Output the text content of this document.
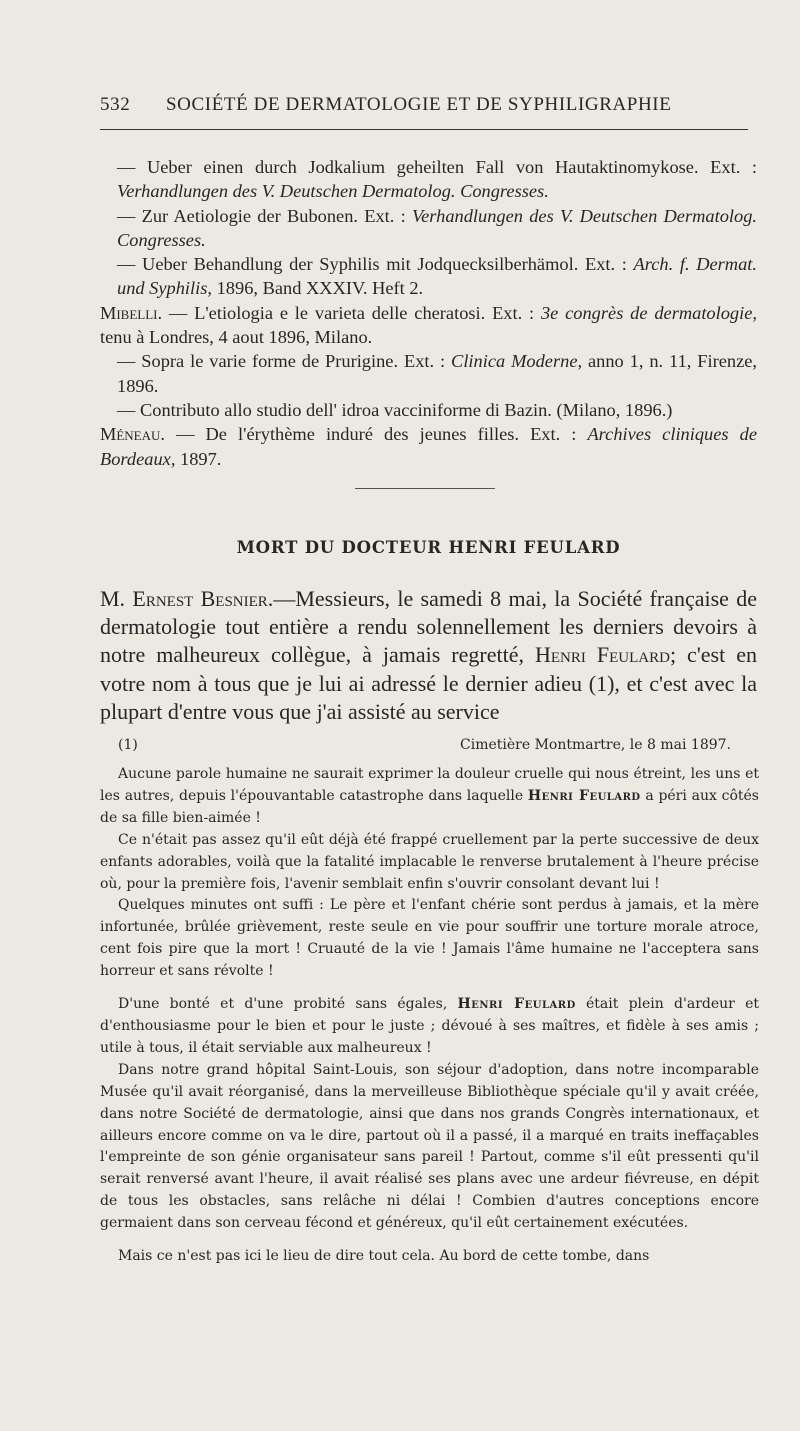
532 SOCIÉTÉ DE DERMATOLOGIE ET DE SYPHILIGRAPHIE

— Ueber einen durch Jodkalium geheilten Fall von Hautaktinomykose. Ext. : Verhandlungen des V. Deutschen Dermatolog. Congresses.

— Zur Aetiologie der Bubonen. Ext. : Verhandlungen des V. Deutschen Dermatolog. Congresses.

— Ueber Behandlung der Syphilis mit Jodquecksilberhämol. Ext. : Arch. f. Dermat. und Syphilis, 1896, Band XXXIV. Heft 2.

Mibelli. — L'etiologia e le varieta delle cheratosi. Ext. : 3e congrès de dermatologie, tenu à Londres, 4 aout 1896, Milano.

— Sopra le varie forme de Prurigine. Ext. : Clinica Moderne, anno 1, n. 11, Firenze, 1896.

— Contributo allo studio dell' idroa vacciniforme di Bazin. (Milano, 1896.)

Méneau. — De l'érythème induré des jeunes filles. Ext. : Archives cliniques de Bordeaux, 1897.

MORT DU DOCTEUR HENRI FEULARD

M. Ernest Besnier.—Messieurs, le samedi 8 mai, la Société française de dermatologie tout entière a rendu solennellement les derniers devoirs à notre malheureux collègue, à jamais regretté, Henri Feulard; c'est en votre nom à tous que je lui ai adressé le dernier adieu (1), et c'est avec la plupart d'entre vous que j'ai assisté au service

(1)	Cimetière Montmartre, le 8 mai 1897.

Aucune parole humaine ne saurait exprimer la douleur cruelle qui nous étreint, les uns et les autres, depuis l'épouvantable catastrophe dans laquelle Henri Feulard a péri aux côtés de sa fille bien-aimée !

Ce n'était pas assez qu'il eût déjà été frappé cruellement par la perte successive de deux enfants adorables, voilà que la fatalité implacable le renverse brutalement à l'heure précise où, pour la première fois, l'avenir semblait enfin s'ouvrir consolant devant lui !

Quelques minutes ont suffi : Le père et l'enfant chérie sont perdus à jamais, et la mère infortunée, brûlée grièvement, reste seule en vie pour souffrir une torture morale atroce, cent fois pire que la mort ! Cruauté de la vie ! Jamais l'âme humaine ne l'acceptera sans horreur et sans révolte !

D'une bonté et d'une probité sans égales, Henri Feulard était plein d'ardeur et d'enthousiasme pour le bien et pour le juste ; dévoué à ses maîtres, et fidèle à ses amis ; utile à tous, il était serviable aux malheureux !

Dans notre grand hôpital Saint-Louis, son séjour d'adoption, dans notre incomparable Musée qu'il avait réorganisé, dans la merveilleuse Bibliothèque spéciale qu'il y avait créée, dans notre Société de dermatologie, ainsi que dans nos grands Congrès internationaux, et ailleurs encore comme on va le dire, partout où il a passé, il a marqué en traits ineffaçables l'empreinte de son génie organisateur sans pareil ! Partout, comme s'il eût pressenti qu'il serait renversé avant l'heure, il avait réalisé ses plans avec une ardeur fiévreuse, en dépit de tous les obstacles, sans relâche ni délai ! Combien d'autres conceptions encore germaient dans son cerveau fécond et généreux, qu'il eût certainement exécutées.

Mais ce n'est pas ici le lieu de dire tout cela. Au bord de cette tombe, dans
